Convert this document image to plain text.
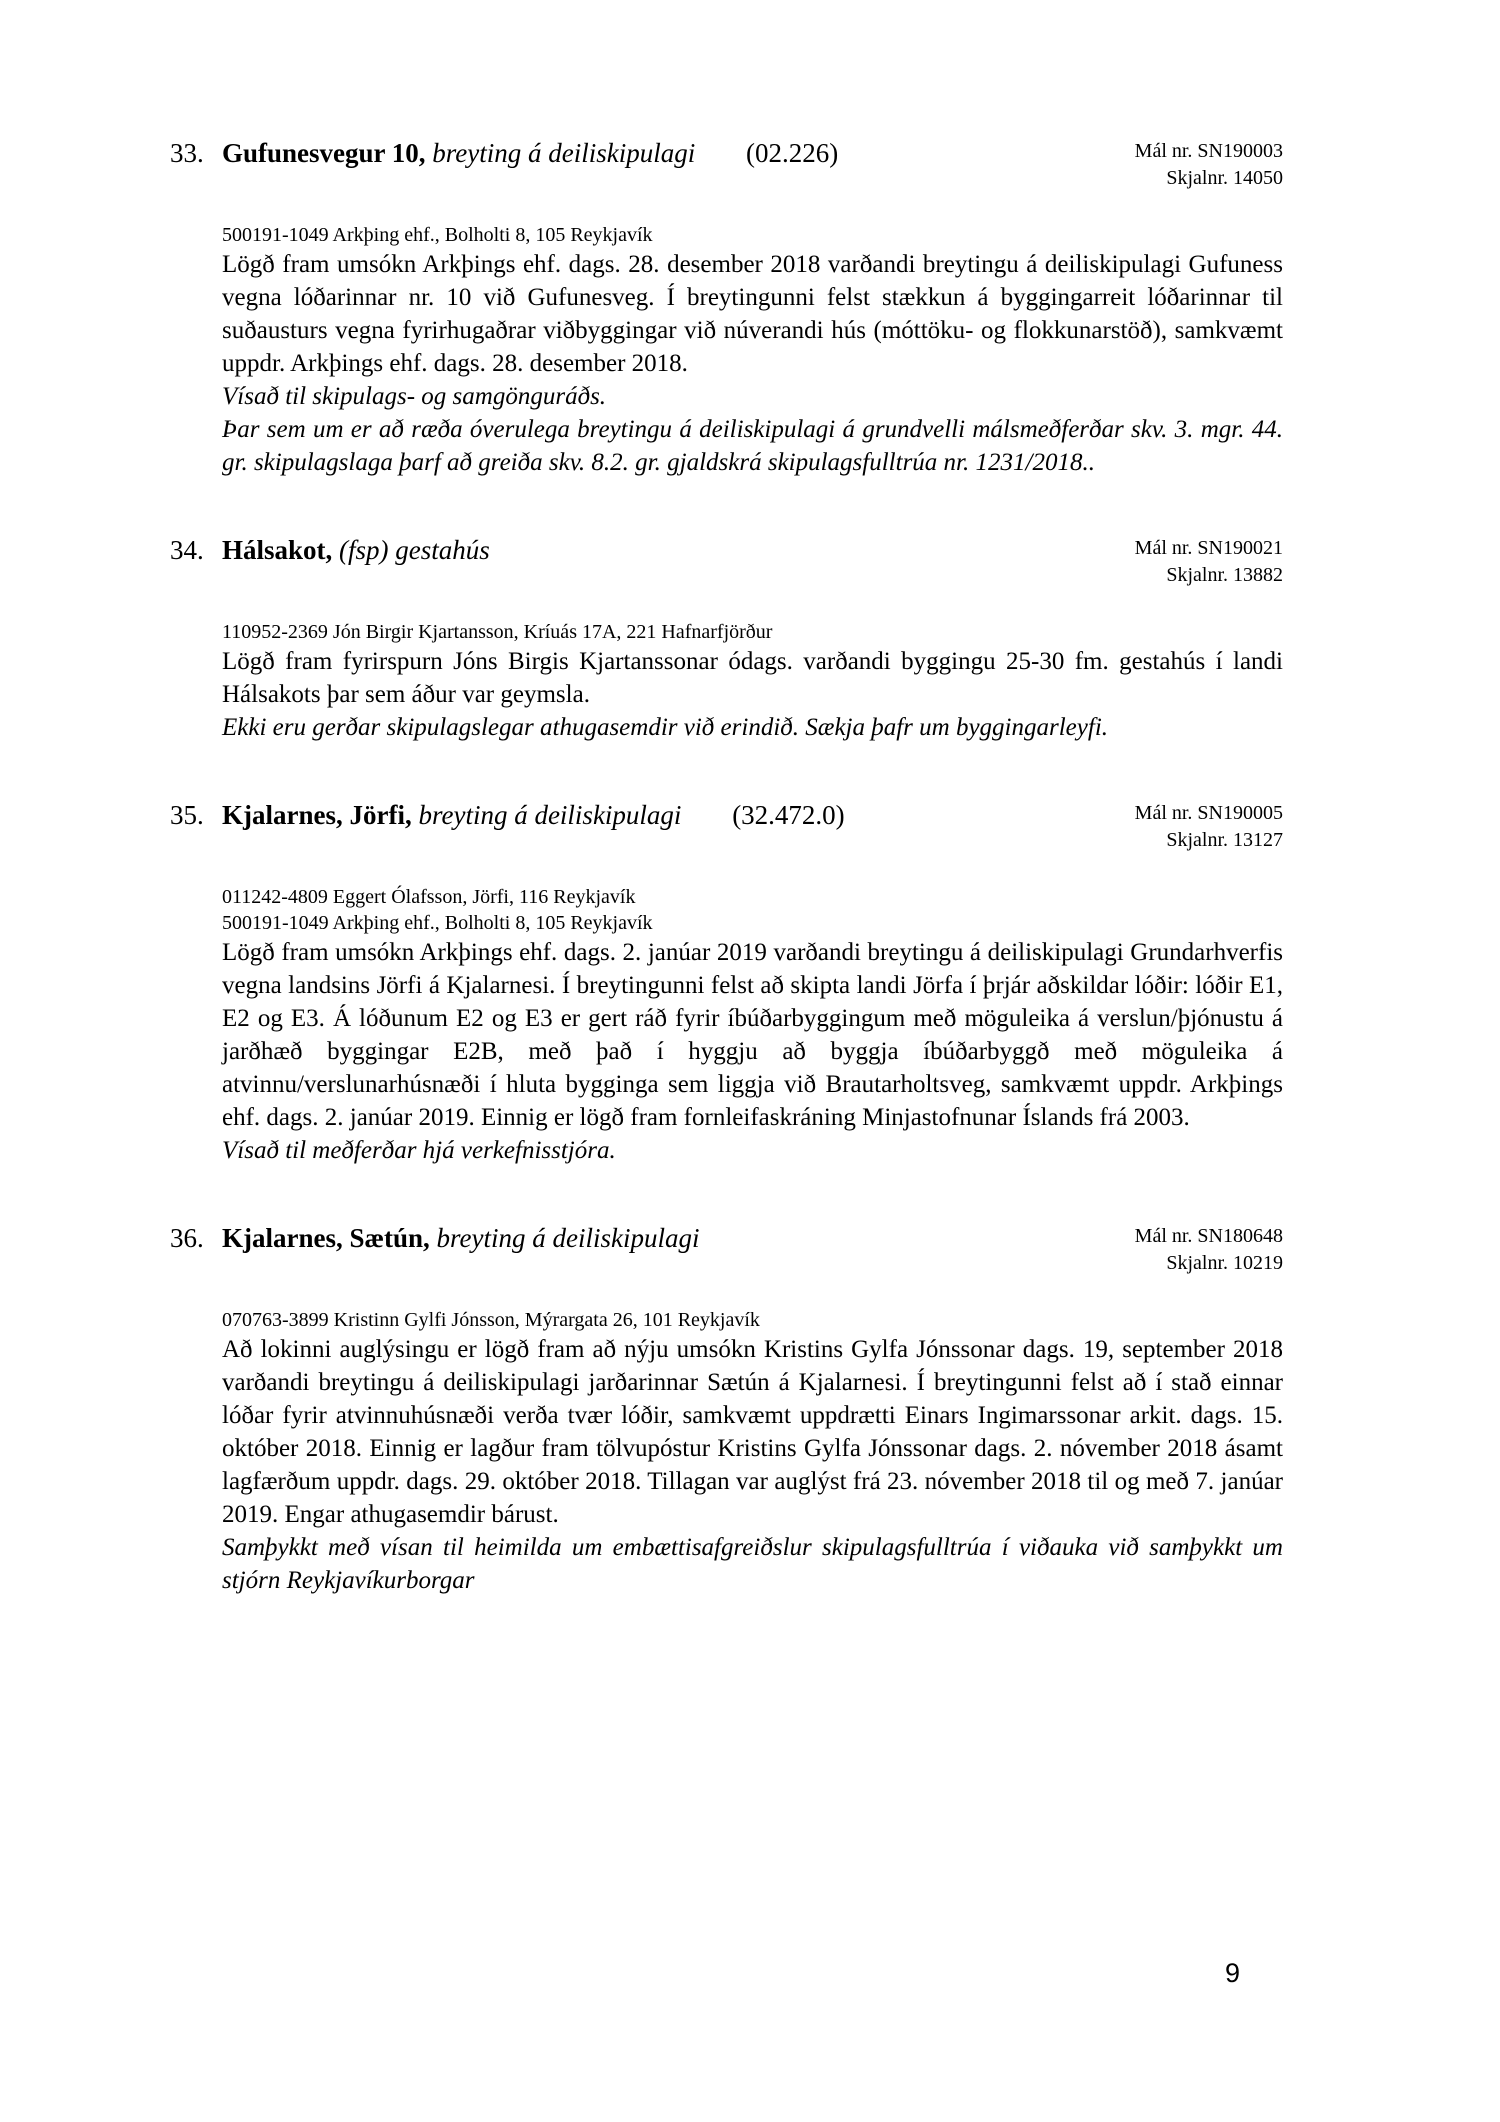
33. Gufunesvegur 10, breyting á deiliskipulagi (02.226)	Mál nr. SN190003
Skjalnr. 14050
500191-1049 Arkþing ehf., Bolholti 8, 105 Reykjavík

Lögð fram umsókn Arkþings ehf. dags. 28. desember 2018 varðandi breytingu á deiliskipulagi Gufuness vegna lóðarinnar nr. 10 við Gufunesveg. Í breytingunni felst stækkun á byggingarreit lóðarinnar til suðausturs vegna fyrirhugaðrar viðbyggingar við núverandi hús (móttöku- og flokkunarstöð), samkvæmt uppdr. Arkþings ehf. dags. 28. desember 2018.

Vísað til skipulags- og samgönguráðs.

Þar sem um er að ræða óverulega breytingu á deiliskipulagi á grundvelli málsmeðferðar skv. 3. mgr. 44. gr. skipulagslaga þarf að greiða skv. 8.2. gr. gjaldskrá skipulagsfulltrúa nr. 1231/2018..

34. Hálsakot, (fsp) gestahús	Mál nr. SN190021
Skjalnr. 13882
110952-2369 Jón Birgir Kjartansson, Kríuás 17A, 221 Hafnarfjörður

Lögð fram fyrirspurn Jóns Birgis Kjartanssonar ódags. varðandi byggingu 25-30 fm. gestahús í landi Hálsakots þar sem áður var geymsla.

Ekki eru gerðar skipulagslegar athugasemdir við erindið. Sækja þafr um byggingarleyfi.

35. Kjalarnes, Jörfi, breyting á deiliskipulagi (32.472.0)	Mál nr. SN190005
Skjalnr. 13127
011242-4809 Eggert Ólafsson, Jörfi, 116 Reykjavík
500191-1049 Arkþing ehf., Bolholti 8, 105 Reykjavík

Lögð fram umsókn Arkþings ehf. dags. 2. janúar 2019 varðandi breytingu á deiliskipulagi Grundarhverfis vegna landsins Jörfi á Kjalarnesi. Í breytingunni felst að skipta landi Jörfa í þrjár aðskildar lóðir: lóðir E1, E2 og E3. Á lóðunum E2 og E3 er gert ráð fyrir íbúðarbyggingum með möguleika á verslun/þjónustu á jarðhæð byggingar E2B, með það í hyggju að byggja íbúðarbyggð með möguleika á atvinnu/verslunarhúsnæði í hluta bygginga sem liggja við Brautarholtsveg, samkvæmt uppdr. Arkþings ehf. dags. 2. janúar 2019. Einnig er lögð fram fornleifaskráning Minjastofnunar Íslands frá 2003.

Vísað til meðferðar hjá verkefnisstjóra.

36. Kjalarnes, Sætún, breyting á deiliskipulagi	Mál nr. SN180648
Skjalnr. 10219
070763-3899 Kristinn Gylfi Jónsson, Mýrargata 26, 101 Reykjavík

Að lokinni auglýsingu er lögð fram að nýju umsókn Kristins Gylfa Jónssonar dags. 19, september 2018 varðandi breytingu á deiliskipulagi jarðarinnar Sætún á Kjalarnesi. Í breytingunni felst að í stað einnar lóðar fyrir atvinnuhúsnæði verða tvær lóðir, samkvæmt uppdrætti Einars Ingimarssonar arkit. dags. 15. október 2018. Einnig er lagður fram tölvupóstur Kristins Gylfa Jónssonar dags. 2. nóvember 2018 ásamt lagfærðum uppdr. dags. 29. október 2018. Tillagan var auglýst frá 23. nóvember 2018 til og með 7. janúar 2019. Engar athugasemdir bárust.

Samþykkt með vísan til heimilda um embættisafgreiðslur skipulagsfulltrúa í viðauka við samþykkt um stjórn Reykjavíkurborgar

9
